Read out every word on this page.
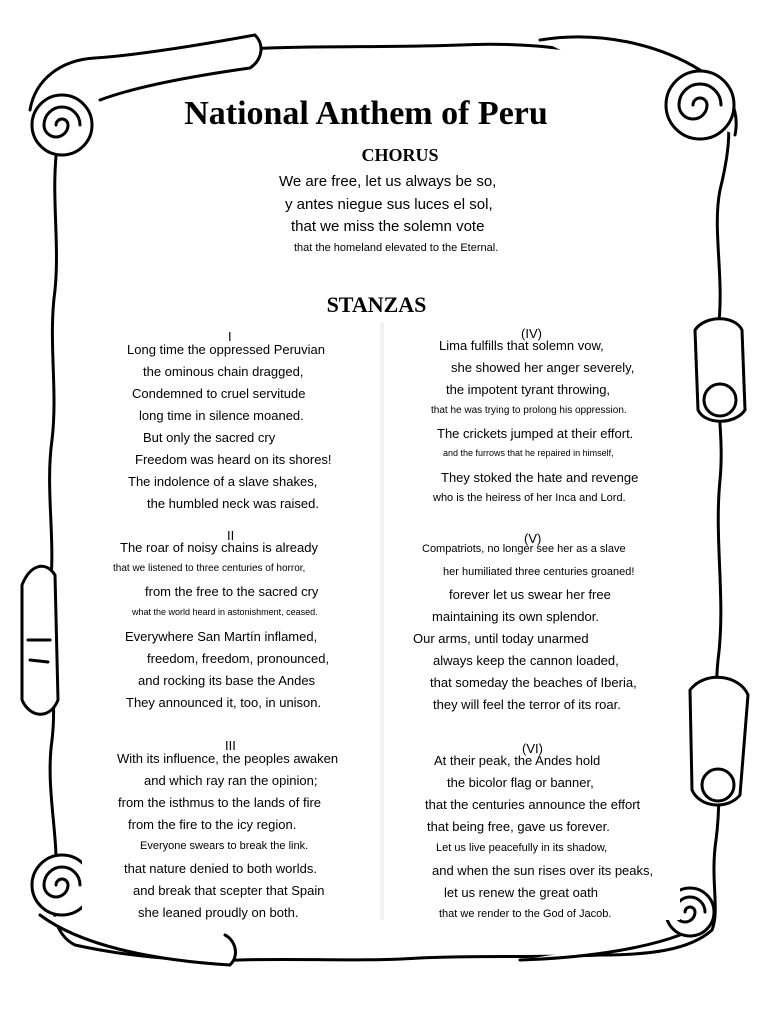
National Anthem of Peru
CHORUS
We are free, let us always be so,
y antes niegue sus luces el sol,
that we miss the solemn vote
that the homeland elevated to the Eternal.
STANZAS
I
Long time the oppressed Peruvian
the ominous chain dragged,
Condemned to cruel servitude
long time in silence moaned.
But only the sacred cry
Freedom was heard on its shores!
The indolence of a slave shakes,
the humbled neck was raised.
II
The roar of noisy chains is already
that we listened to three centuries of horror,
from the free to the sacred cry
what the world heard in astonishment, ceased.
Everywhere San Martín inflamed,
freedom, freedom, pronounced,
and rocking its base the Andes
They announced it, too, in unison.
III
With its influence, the peoples awaken
and which ray ran the opinion;
from the isthmus to the lands of fire
from the fire to the icy region.
Everyone swears to break the link.
that nature denied to both worlds.
and break that scepter that Spain
she leaned proudly on both.
(IV)
Lima fulfills that solemn vow,
she showed her anger severely,
the impotent tyrant throwing,
that he was trying to prolong his oppression.
The crickets jumped at their effort.
and the furrows that he repaired in himself,
They stoked the hate and revenge
who is the heiress of her Inca and Lord.
(V)
Compatriots, no longer see her as a slave
her humiliated three centuries groaned!
forever let us swear her free
maintaining its own splendor.
Our arms, until today unarmed
always keep the cannon loaded,
that someday the beaches of Iberia,
they will feel the terror of its roar.
(VI)
At their peak, the Andes hold
the bicolor flag or banner,
that the centuries announce the effort
that being free, gave us forever.
Let us live peacefully in its shadow,
and when the sun rises over its peaks,
let us renew the great oath
that we render to the God of Jacob.
